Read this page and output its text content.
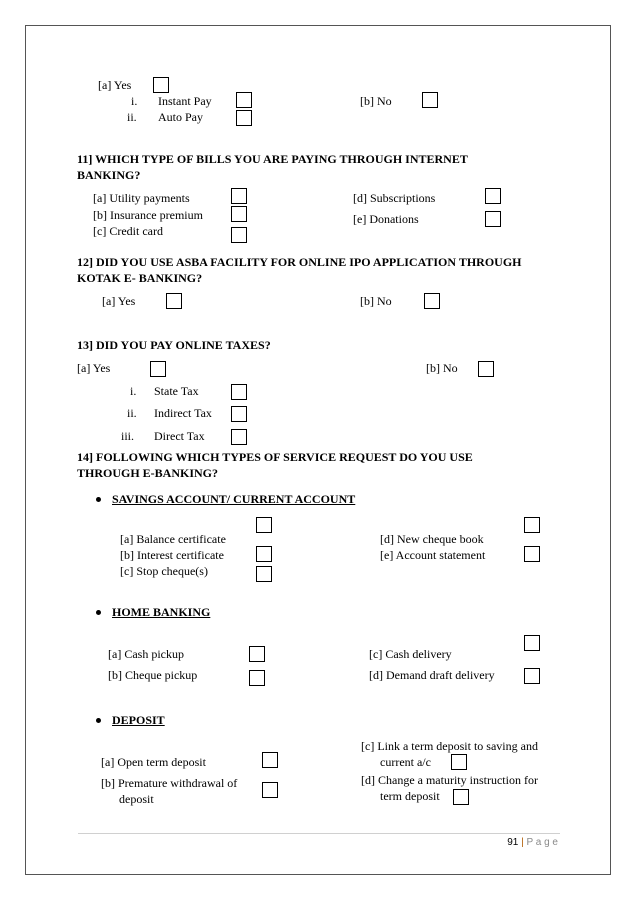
[a] Yes
i. Instant Pay
ii. Auto Pay
[b] No
11] WHICH TYPE OF BILLS YOU ARE PAYING THROUGH INTERNET
BANKING?
[a] Utility payments
[b] Insurance premium
[c] Credit card
[d] Subscriptions
[e] Donations
12] DID YOU USE ASBA FACILITY FOR ONLINE IPO APPLICATION THROUGH
KOTAK E- BANKING?
[a] Yes	[b] No
13] DID YOU PAY ONLINE TAXES?
[a] Yes	[b] No
i. State Tax
ii. Indirect Tax
iii. Direct Tax
14] FOLLOWING WHICH TYPES OF SERVICE REQUEST DO YOU USE
THROUGH E-BANKING?
SAVINGS ACCOUNT/ CURRENT ACCOUNT
[a] Balance certificate
[b] Interest certificate
[c] Stop cheque(s)
[d] New cheque book
[e] Account statement
HOME BANKING
[a] Cash pickup
[b] Cheque pickup
[c] Cash delivery
[d] Demand draft delivery
DEPOSIT
[a] Open term deposit
[b] Premature withdrawal of
deposit
[c] Link a term deposit to saving and
current a/c
[d] Change a maturity instruction for
term deposit
91 | P a g e
